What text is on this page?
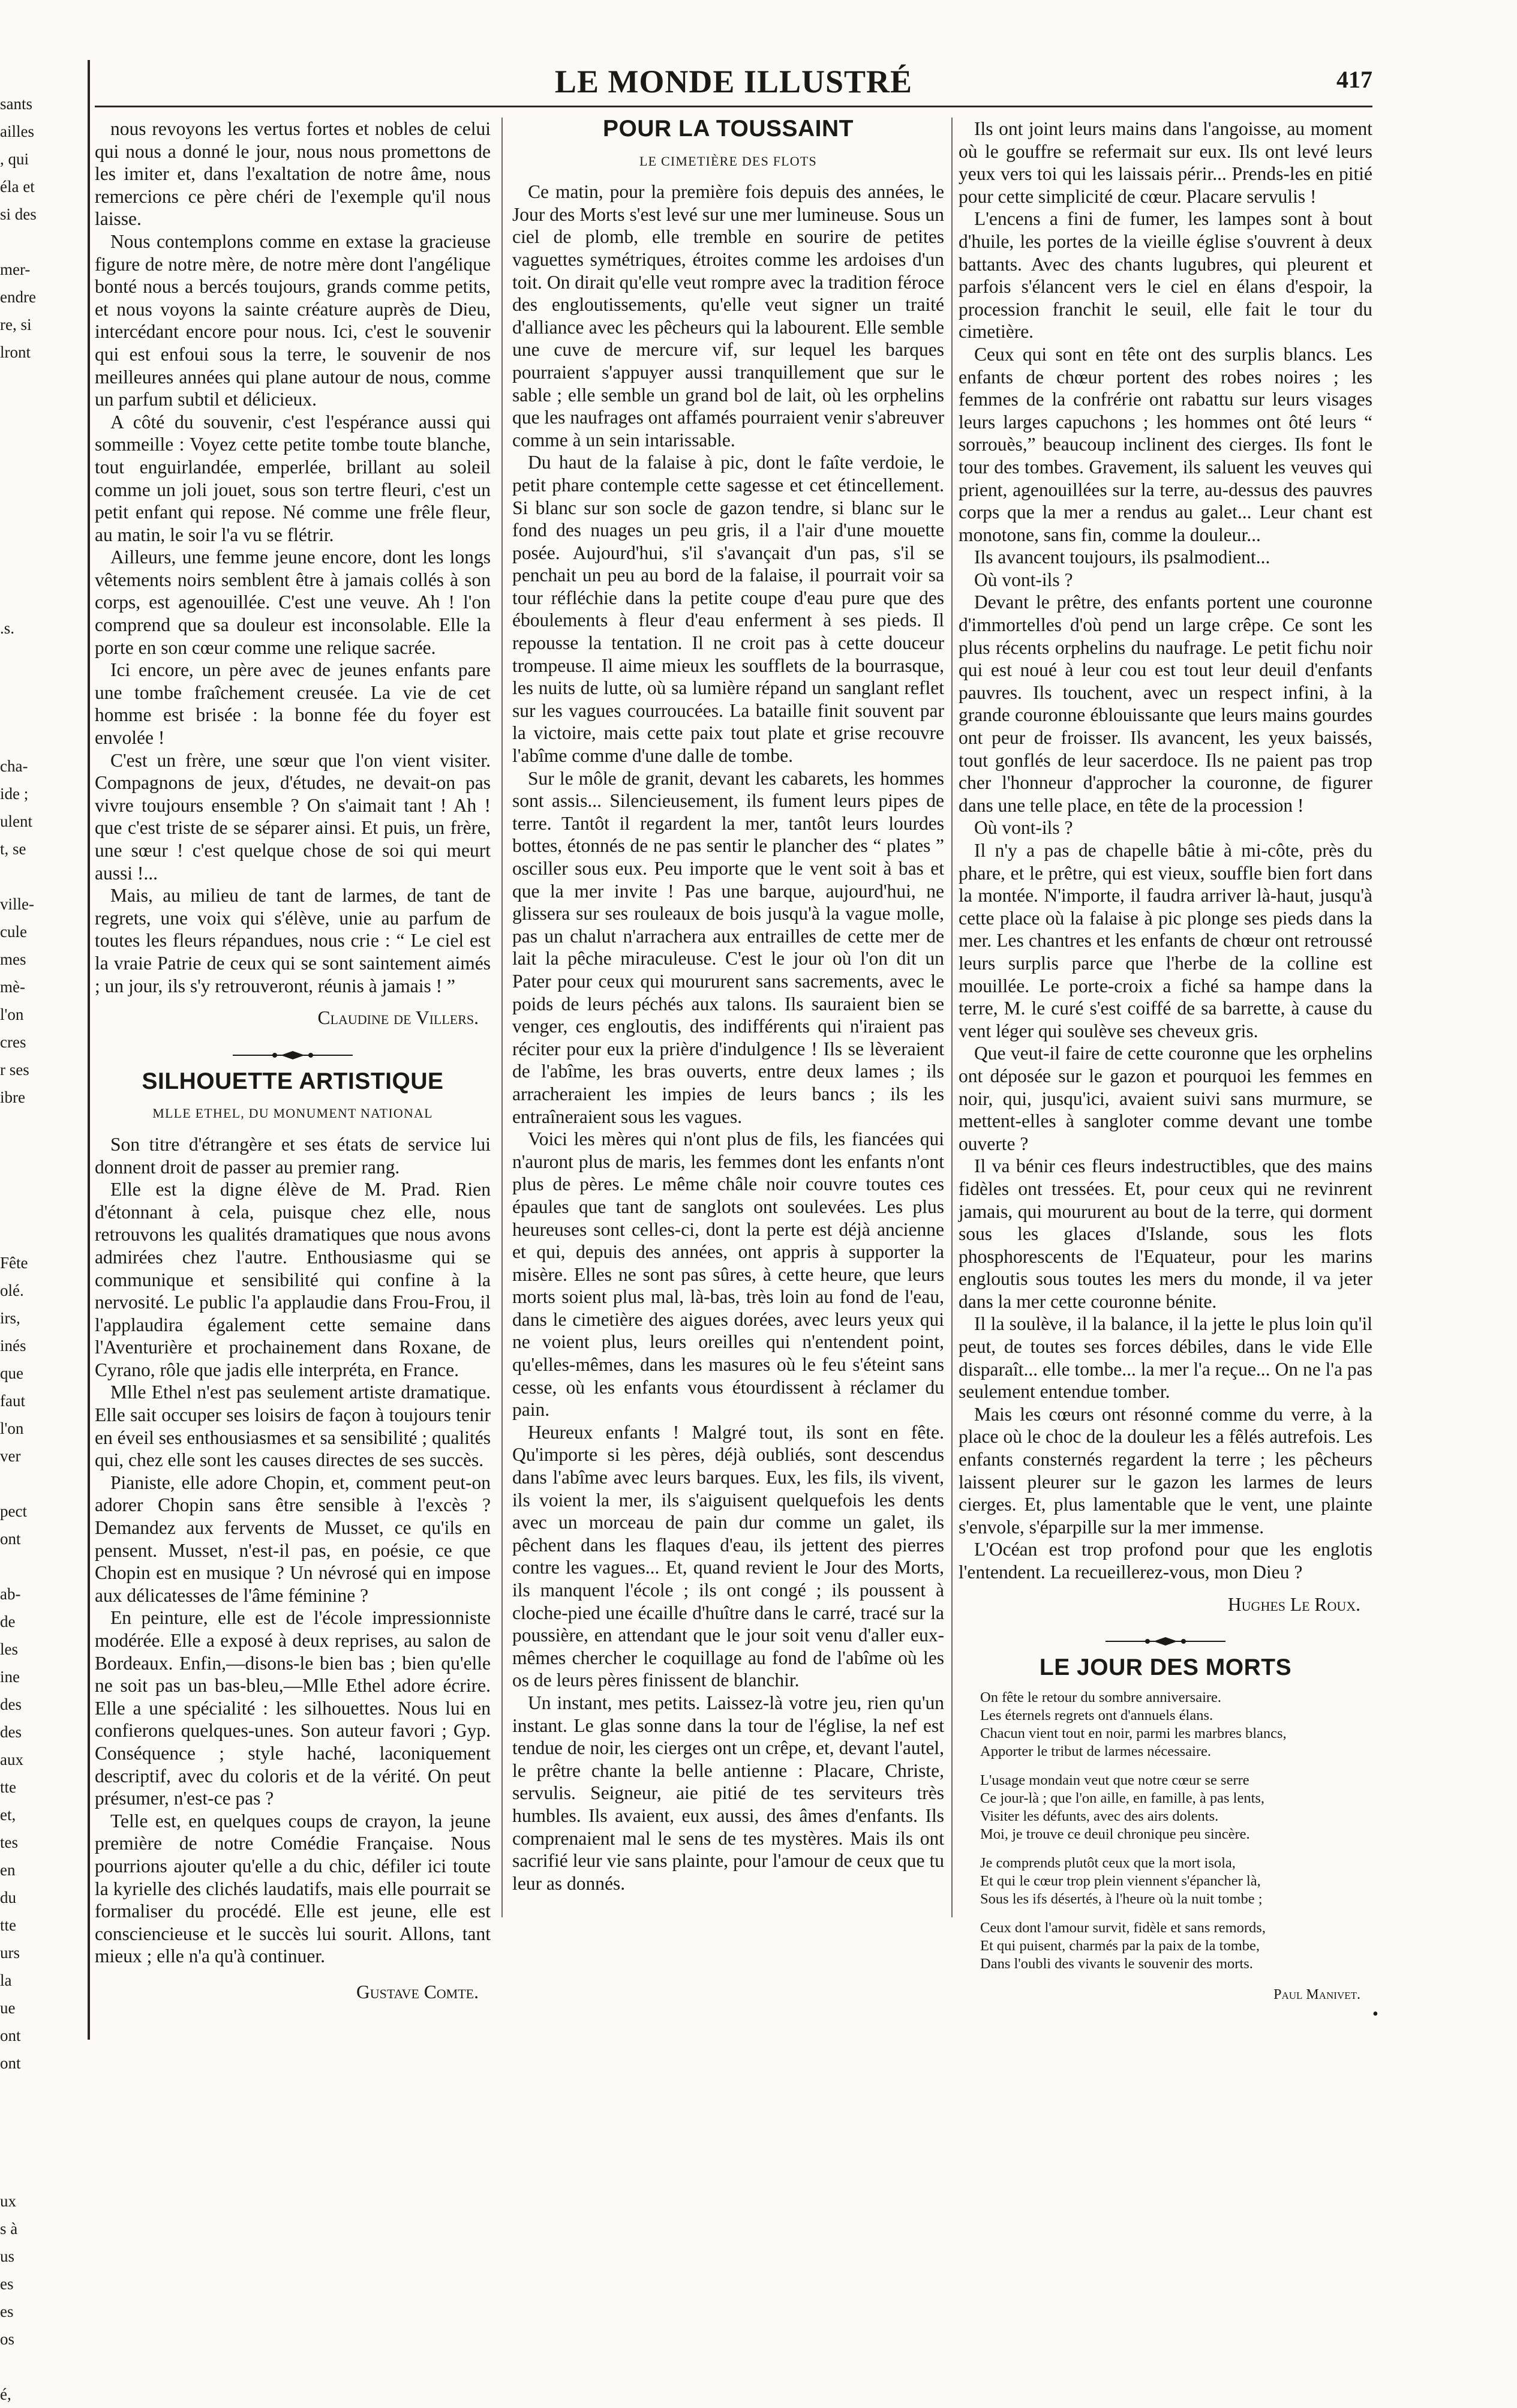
sants
ailles
, qui
éla et
si des

mer-
endre
re, si
lront

.s.

cha-
ide ;
ulent
t, se

ville-
cule
mes
mè-
l'on
cres
r ses
ibre

Fête
olé.
irs,
inés
que
faut
l'on
ver

pect
ont

ab-
de
les
ine
des
des
aux
tte
et,
tes
en
du
tte
urs
la
ue
ont
ont

ux
s à
us
es
es
os

é,
LE MONDE ILLUSTRÉ	417

nous revoyons les vertus fortes et nobles de celui qui nous a donné le jour, nous nous promettons de les imiter et, dans l'exaltation de notre âme, nous remercions ce père chéri de l'exemple qu'il nous laisse.

Nous contemplons comme en extase la gracieuse figure de notre mère, de notre mère dont l'angélique bonté nous a bercés toujours, grands comme petits, et nous voyons la sainte créature auprès de Dieu, intercédant encore pour nous. Ici, c'est le souvenir qui est enfoui sous la terre, le souvenir de nos meilleures années qui plane autour de nous, comme un parfum subtil et délicieux.

A côté du souvenir, c'est l'espérance aussi qui sommeille : Voyez cette petite tombe toute blanche, tout enguirlandée, emperlée, brillant au soleil comme un joli jouet, sous son tertre fleuri, c'est un petit enfant qui repose. Né comme une frêle fleur, au matin, le soir l'a vu se flétrir.

Ailleurs, une femme jeune encore, dont les longs vêtements noirs semblent être à jamais collés à son corps, est agenouillée. C'est une veuve. Ah ! l'on comprend que sa douleur est inconsolable. Elle la porte en son cœur comme une relique sacrée.

Ici encore, un père avec de jeunes enfants pare une tombe fraîchement creusée. La vie de cet homme est brisée : la bonne fée du foyer est envolée !

C'est un frère, une sœur que l'on vient visiter. Compagnons de jeux, d'études, ne devait-on pas vivre toujours ensemble ? On s'aimait tant ! Ah ! que c'est triste de se séparer ainsi. Et puis, un frère, une sœur ! c'est quelque chose de soi qui meurt aussi !...

Mais, au milieu de tant de larmes, de tant de regrets, une voix qui s'élève, unie au parfum de toutes les fleurs répandues, nous crie : “ Le ciel est la vraie Patrie de ceux qui se sont saintement aimés ; un jour, ils s'y retrouveront, réunis à jamais ! ”

Claudine de Villers.
SILHOUETTE ARTISTIQUE
MLLE ETHEL, DU MONUMENT NATIONAL

Son titre d'étrangère et ses états de service lui donnent droit de passer au premier rang.

Elle est la digne élève de M. Prad. Rien d'étonnant à cela, puisque chez elle, nous retrouvons les qualités dramatiques que nous avons admirées chez l'autre. Enthousiasme qui se communique et sensibilité qui confine à la nervosité. Le public l'a applaudie dans Frou-Frou, il l'applaudira également cette semaine dans l'Aventurière et prochainement dans Roxane, de Cyrano, rôle que jadis elle interpréta, en France.

Mlle Ethel n'est pas seulement artiste dramatique. Elle sait occuper ses loisirs de façon à toujours tenir en éveil ses enthousiasmes et sa sensibilité ; qualités qui, chez elle sont les causes directes de ses succès.

Pianiste, elle adore Chopin, et, comment peut-on adorer Chopin sans être sensible à l'excès ? Demandez aux fervents de Musset, ce qu'ils en pensent. Musset, n'est-il pas, en poésie, ce que Chopin est en musique ? Un névrosé qui en impose aux délicatesses de l'âme féminine ?

En peinture, elle est de l'école impressionniste modérée. Elle a exposé à deux reprises, au salon de Bordeaux. Enfin,—disons-le bien bas ; bien qu'elle ne soit pas un bas-bleu,—Mlle Ethel adore écrire. Elle a une spécialité : les silhouettes. Nous lui en confierons quelques-unes. Son auteur favori ; Gyp. Conséquence ; style haché, laconiquement descriptif, avec du coloris et de la vérité. On peut présumer, n'est-ce pas ?

Telle est, en quelques coups de crayon, la jeune première de notre Comédie Française. Nous pourrions ajouter qu'elle a du chic, défiler ici toute la kyrielle des clichés laudatifs, mais elle pourrait se formaliser du procédé. Elle est jeune, elle est consciencieuse et le succès lui sourit. Allons, tant mieux ; elle n'a qu'à continuer.

Gustave Comte.
POUR LA TOUSSAINT
LE CIMETIÈRE DES FLOTS

Ce matin, pour la première fois depuis des années, le Jour des Morts s'est levé sur une mer lumineuse. Sous un ciel de plomb, elle tremble en sourire de petites vaguettes symétriques, étroites comme les ardoises d'un toit. On dirait qu'elle veut rompre avec la tradition féroce des engloutissements, qu'elle veut signer un traité d'alliance avec les pêcheurs qui la labourent. Elle semble une cuve de mercure vif, sur lequel les barques pourraient s'appuyer aussi tranquillement que sur le sable ; elle semble un grand bol de lait, où les orphelins que les naufrages ont affamés pourraient venir s'abreuver comme à un sein intarissable.

Du haut de la falaise à pic, dont le faîte verdoie, le petit phare contemple cette sagesse et cet étincellement. Si blanc sur son socle de gazon tendre, si blanc sur le fond des nuages un peu gris, il a l'air d'une mouette posée. Aujourd'hui, s'il s'avançait d'un pas, s'il se penchait un peu au bord de la falaise, il pourrait voir sa tour réfléchie dans la petite coupe d'eau pure que des éboulements à fleur d'eau enferment à ses pieds. Il repousse la tentation. Il ne croit pas à cette douceur trompeuse. Il aime mieux les soufflets de la bourrasque, les nuits de lutte, où sa lumière répand un sanglant reflet sur les vagues courroucées. La bataille finit souvent par la victoire, mais cette paix tout plate et grise recouvre l'abîme comme d'une dalle de tombe.

Sur le môle de granit, devant les cabarets, les hommes sont assis... Silencieusement, ils fument leurs pipes de terre. Tantôt il regardent la mer, tantôt leurs lourdes bottes, étonnés de ne pas sentir le plancher des “ plates ” osciller sous eux. Peu importe que le vent soit à bas et que la mer invite ! Pas une barque, aujourd'hui, ne glissera sur ses rouleaux de bois jusqu'à la vague molle, pas un chalut n'arrachera aux entrailles de cette mer de lait la pêche miraculeuse. C'est le jour où l'on dit un Pater pour ceux qui moururent sans sacrements, avec le poids de leurs péchés aux talons. Ils sauraient bien se venger, ces engloutis, des indifférents qui n'iraient pas réciter pour eux la prière d'indulgence ! Ils se lèveraient de l'abîme, les bras ouverts, entre deux lames ; ils arracheraient les impies de leurs bancs ; ils les entraîneraient sous les vagues.

Voici les mères qui n'ont plus de fils, les fiancées qui n'auront plus de maris, les femmes dont les enfants n'ont plus de pères. Le même châle noir couvre toutes ces épaules que tant de sanglots ont soulevées. Les plus heureuses sont celles-ci, dont la perte est déjà ancienne et qui, depuis des années, ont appris à supporter la misère. Elles ne sont pas sûres, à cette heure, que leurs morts soient plus mal, là-bas, très loin au fond de l'eau, dans le cimetière des aigues dorées, avec leurs yeux qui ne voient plus, leurs oreilles qui n'entendent point, qu'elles-mêmes, dans les masures où le feu s'éteint sans cesse, où les enfants vous étourdissent à réclamer du pain.

Heureux enfants ! Malgré tout, ils sont en fête. Qu'importe si les pères, déjà oubliés, sont descendus dans l'abîme avec leurs barques. Eux, les fils, ils vivent, ils voient la mer, ils s'aiguisent quelquefois les dents avec un morceau de pain dur comme un galet, ils pêchent dans les flaques d'eau, ils jettent des pierres contre les vagues... Et, quand revient le Jour des Morts, ils manquent l'école ; ils ont congé ; ils poussent à cloche-pied une écaille d'huître dans le carré, tracé sur la poussière, en attendant que le jour soit venu d'aller eux-mêmes chercher le coquillage au fond de l'abîme où les os de leurs pères finissent de blanchir.

Un instant, mes petits. Laissez-là votre jeu, rien qu'un instant. Le glas sonne dans la tour de l'église, la nef est tendue de noir, les cierges ont un crêpe, et, devant l'autel, le prêtre chante la belle antienne : Placare, Christe, servulis. Seigneur, aie pitié de tes serviteurs très humbles. Ils avaient, eux aussi, des âmes d'enfants. Ils comprenaient mal le sens de tes mystères. Mais ils ont sacrifié leur vie sans plainte, pour l'amour de ceux que tu leur as donnés.

Ils ont joint leurs mains dans l'angoisse, au moment où le gouffre se refermait sur eux. Ils ont levé leurs yeux vers toi qui les laissais périr... Prends-les en pitié pour cette simplicité de cœur. Placare servulis !

L'encens a fini de fumer, les lampes sont à bout d'huile, les portes de la vieille église s'ouvrent à deux battants. Avec des chants lugubres, qui pleurent et parfois s'élancent vers le ciel en élans d'espoir, la procession franchit le seuil, elle fait le tour du cimetière.

Ceux qui sont en tête ont des surplis blancs. Les enfants de chœur portent des robes noires ; les femmes de la confrérie ont rabattu sur leurs visages leurs larges capuchons ; les hommes ont ôté leurs “ sorrouès,” beaucoup inclinent des cierges. Ils font le tour des tombes. Gravement, ils saluent les veuves qui prient, agenouillées sur la terre, au-dessus des pauvres corps que la mer a rendus au galet... Leur chant est monotone, sans fin, comme la douleur...

Ils avancent toujours, ils psalmodient...

Où vont-ils ?

Devant le prêtre, des enfants portent une couronne d'immortelles d'où pend un large crêpe. Ce sont les plus récents orphelins du naufrage. Le petit fichu noir qui est noué à leur cou est tout leur deuil d'enfants pauvres. Ils touchent, avec un respect infini, à la grande couronne éblouissante que leurs mains gourdes ont peur de froisser. Ils avancent, les yeux baissés, tout gonflés de leur sacerdoce. Ils ne paient pas trop cher l'honneur d'approcher la couronne, de figurer dans une telle place, en tête de la procession !

Où vont-ils ?

Il n'y a pas de chapelle bâtie à mi-côte, près du phare, et le prêtre, qui est vieux, souffle bien fort dans la montée. N'importe, il faudra arriver là-haut, jusqu'à cette place où la falaise à pic plonge ses pieds dans la mer. Les chantres et les enfants de chœur ont retroussé leurs surplis parce que l'herbe de la colline est mouillée. Le porte-croix a fiché sa hampe dans la terre, M. le curé s'est coiffé de sa barrette, à cause du vent léger qui soulève ses cheveux gris.

Que veut-il faire de cette couronne que les orphelins ont déposée sur le gazon et pourquoi les femmes en noir, qui, jusqu'ici, avaient suivi sans murmure, se mettent-elles à sangloter comme devant une tombe ouverte ?

Il va bénir ces fleurs indestructibles, que des mains fidèles ont tressées. Et, pour ceux qui ne revinrent jamais, qui moururent au bout de la terre, qui dorment sous les glaces d'Islande, sous les flots phosphorescents de l'Equateur, pour les marins engloutis sous toutes les mers du monde, il va jeter dans la mer cette couronne bénite.

Il la soulève, il la balance, il la jette le plus loin qu'il peut, de toutes ses forces débiles, dans le vide Elle disparaît... elle tombe... la mer l'a reçue... On ne l'a pas seulement entendue tomber.

Mais les cœurs ont résonné comme du verre, à la place où le choc de la douleur les a fêlés autrefois. Les enfants consternés regardent la terre ; les pêcheurs laissent pleurer sur le gazon les larmes de leurs cierges. Et, plus lamentable que le vent, une plainte s'envole, s'éparpille sur la mer immense.

L'Océan est trop profond pour que les englotis l'entendent. La recueillerez-vous, mon Dieu ?

Hughes Le Roux.
LE JOUR DES MORTS
On fête le retour du sombre anniversaire.
Les éternels regrets ont d'annuels élans.
Chacun vient tout en noir, parmi les marbres blancs,
Apporter le tribut de larmes nécessaire.
L'usage mondain veut que notre cœur se serre
Ce jour-là ; que l'on aille, en famille, à pas lents,
Visiter les défunts, avec des airs dolents.
Moi, je trouve ce deuil chronique peu sincère.
Je comprends plutôt ceux que la mort isola,
Et qui le cœur trop plein viennent s'épancher là,
Sous les ifs désertés, à l'heure où la nuit tombe ;
Ceux dont l'amour survit, fidèle et sans remords,
Et qui puisent, charmés par la paix de la tombe,
Dans l'oubli des vivants le souvenir des morts.
Paul Manivet.
•
